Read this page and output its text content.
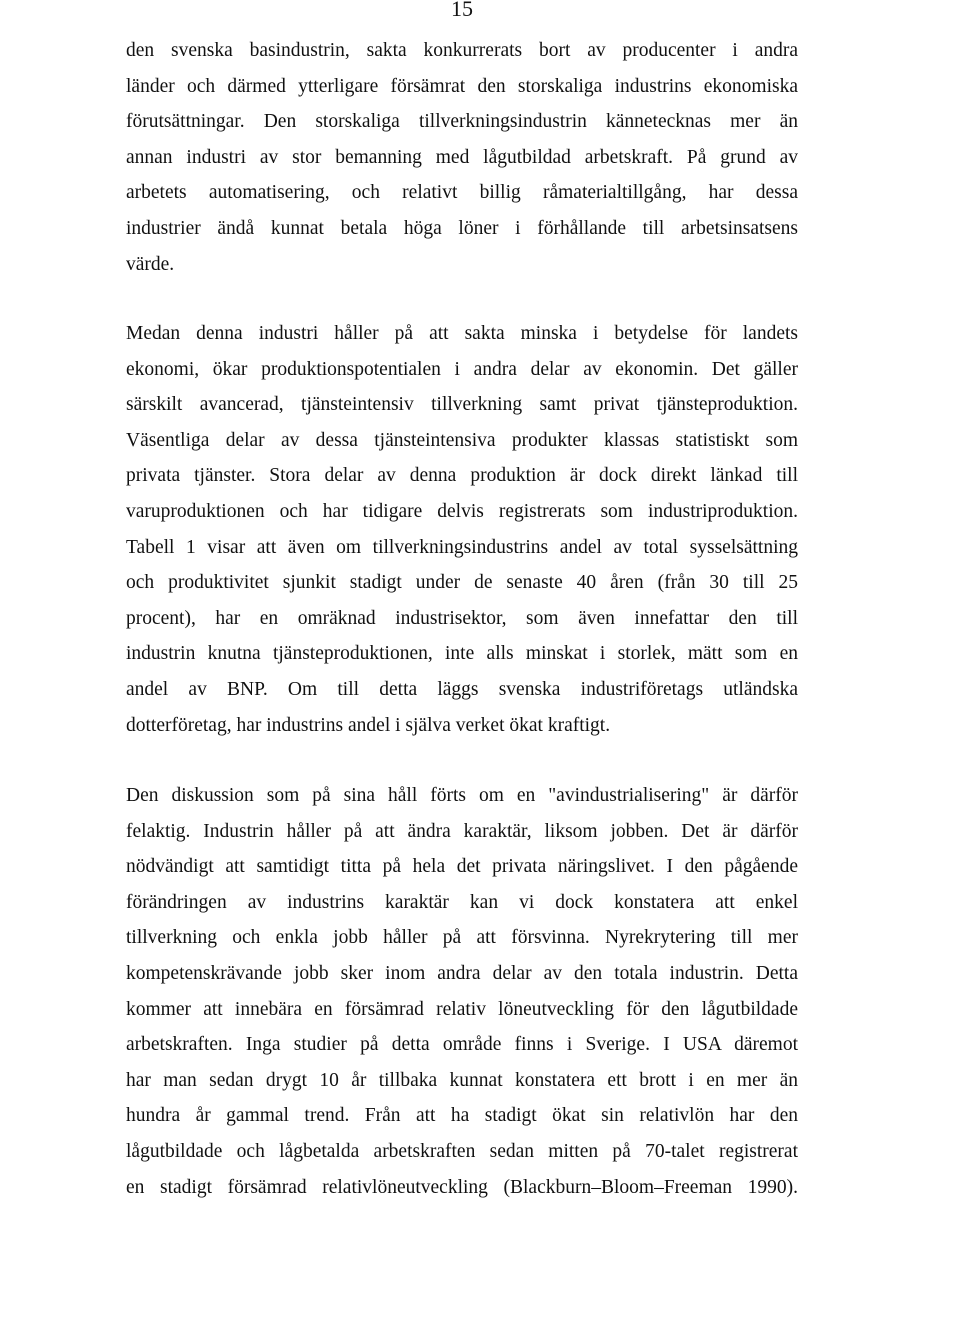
15
den svenska basindustrin, sakta konkurrerats bort av producenter i andra
länder och därmed ytterligare försämrat den storskaliga industrins ekonomiska
förutsättningar. Den storskaliga tillverkningsindustrin kännetecknas mer än
annan industri av stor bemanning med lågutbildad arbetskraft. På grund av
arbetets automatisering, och relativt billig råmaterialtillgång, har dessa
industrier ändå kunnat betala höga löner i förhållande till arbetsinsatsens
värde.
Medan denna industri håller på att sakta minska i betydelse för landets
ekonomi, ökar produktionspotentialen i andra delar av ekonomin. Det gäller
särskilt avancerad, tjänsteintensiv tillverkning samt privat tjänsteproduktion.
Väsentliga delar av dessa tjänsteintensiva produkter klassas statistiskt som
privata tjänster. Stora delar av denna produktion är dock direkt länkad till
varuproduktionen och har tidigare delvis registrerats som industriproduktion.
Tabell 1 visar att även om tillverkningsindustrins andel av total sysselsättning
och produktivitet sjunkit stadigt under de senaste 40 åren (från 30 till 25
procent), har en omräknad industrisektor, som även innefattar den till
industrin knutna tjänsteproduktionen, inte alls minskat i storlek, mätt som en
andel av BNP. Om till detta läggs svenska industriföretags utländska
dotterföretag, har industrins andel i själva verket ökat kraftigt.
Den diskussion som på sina håll förts om en "avindustrialisering" är därför
felaktig. Industrin håller på att ändra karaktär, liksom jobben. Det är därför
nödvändigt att samtidigt titta på hela det privata näringslivet. I den pågående
förändringen av industrins karaktär kan vi dock konstatera att enkel
tillverkning och enkla jobb håller på att försvinna. Nyrekrytering till mer
kompetenskrävande jobb sker inom andra delar av den totala industrin. Detta
kommer att innebära en försämrad relativ löneutveckling för den lågutbildade
arbetskraften. Inga studier på detta område finns i Sverige. I USA däremot
har man sedan drygt 10 år tillbaka kunnat konstatera ett brott i en mer än
hundra år gammal trend. Från att ha stadigt ökat sin relativlön har den
lågutbildade och lågbetalda arbetskraften sedan mitten på 70-talet registrerat
en stadigt försämrad relativlöneutveckling (Blackburn–Bloom–Freeman 1990).
